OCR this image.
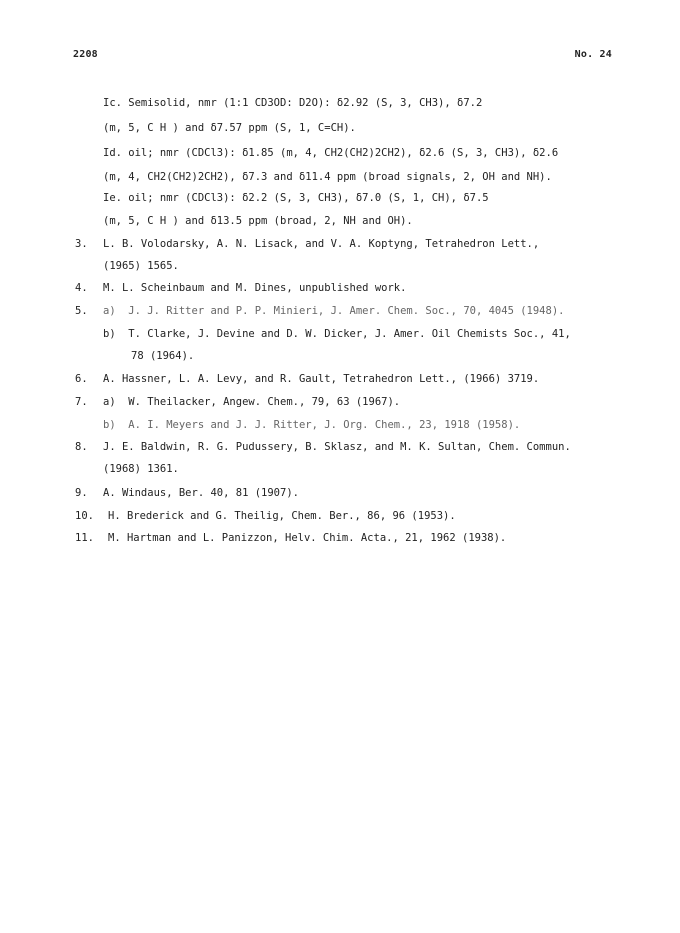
2208	No. 24
Ic. Semisolid, nmr (1:1 CD3OD: D2O): δ2.92 (S, 3, CH3), δ7.2
(m, 5, C H ) and δ7.57 ppm (S, 1, C=CH).
Id. oil; nmr (CDCl3): δ1.85 (m, 4, CH2(CH2)2CH2), δ2.6 (S, 3, CH3), δ2.6
(m, 4, CH2(CH2)2CH2), δ7.3 and δ11.4 ppm (broad signals, 2, OH and NH).
Ie. oil; nmr (CDCl3): δ2.2 (S, 3, CH3), δ7.0 (S, 1, CH), δ7.5
(m, 5, C H ) and δ13.5 ppm (broad, 2, NH and OH).
3. L. B. Volodarsky, A. N. Lisack, and V. A. Koptyng, Tetrahedron Lett.,
(1965) 1565.
4. M. L. Scheinbaum and M. Dines, unpublished work.
5. a)  J. J. Ritter and P. P. Minieri, J. Amer. Chem. Soc., 70, 4045 (1948).
b)  T. Clarke, J. Devine and D. W. Dicker, J. Amer. Oil Chemists Soc., 41,
78 (1964).
6. A. Hassner, L. A. Levy, and R. Gault, Tetrahedron Lett., (1966) 3719.
7. a)  W. Theilacker, Angew. Chem., 79, 63 (1967).
b)  A. I. Meyers and J. J. Ritter, J. Org. Chem., 23, 1918 (1958).
8. J. E. Baldwin, R. G. Pudussery, B. Sklasz, and M. K. Sultan, Chem. Commun.
(1968) 1361.
9. A. Windaus, Ber. 40, 81 (1907).
10. H. Brederick and G. Theilig, Chem. Ber., 86, 96 (1953).
11. M. Hartman and L. Panizzon, Helv. Chim. Acta., 21, 1962 (1938).
